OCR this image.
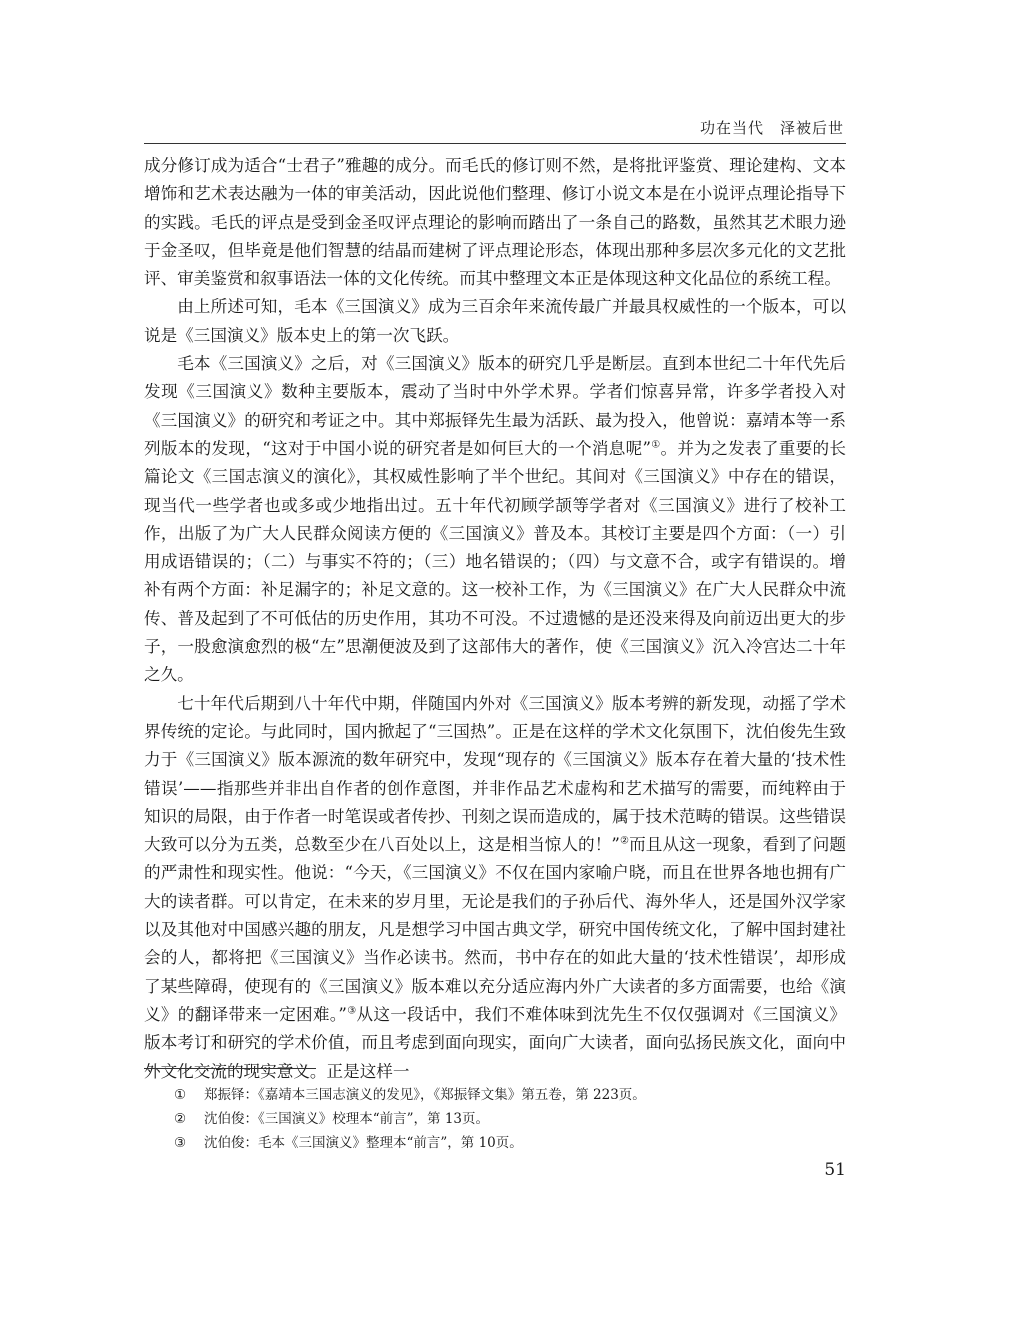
功在当代　泽被后世

成分修订成为适合“士君子”雅趣的成分。而毛氏的修订则不然，是将批评鉴赏、理论建构、文本增饰和艺术表达融为一体的审美活动，因此说他们整理、修订小说文本是在小说评点理论指导下的实践。毛氏的评点是受到金圣叹评点理论的影响而踏出了一条自己的路数，虽然其艺术眼力逊于金圣叹，但毕竟是他们智慧的结晶而建树了评点理论形态，体现出那种多层次多元化的文艺批评、审美鉴赏和叙事语法一体的文化传统。而其中整理文本正是体现这种文化品位的系统工程。

由上所述可知，毛本《三国演义》成为三百余年来流传最广并最具权威性的一个版本，可以说是《三国演义》版本史上的第一次飞跃。

毛本《三国演义》之后，对《三国演义》版本的研究几乎是断层。直到本世纪二十年代先后发现《三国演义》数种主要版本，震动了当时中外学术界。学者们惊喜异常，许多学者投入对《三国演义》的研究和考证之中。其中郑振铎先生最为活跃、最为投入，他曾说：嘉靖本等一系列版本的发现，“这对于中国小说的研究者是如何巨大的一个消息呢”①。并为之发表了重要的长篇论文《三国志演义的演化》，其权威性影响了半个世纪。其间对《三国演义》中存在的错误，现当代一些学者也或多或少地指出过。五十年代初顾学颉等学者对《三国演义》进行了校补工作，出版了为广大人民群众阅读方便的《三国演义》普及本。其校订主要是四个方面：（一）引用成语错误的；（二）与事实不符的；（三）地名错误的；（四）与文意不合，或字有错误的。增补有两个方面：补足漏字的；补足文意的。这一校补工作，为《三国演义》在广大人民群众中流传、普及起到了不可低估的历史作用，其功不可没。不过遗憾的是还没来得及向前迈出更大的步子，一股愈演愈烈的极“左”思潮便波及到了这部伟大的著作，使《三国演义》沉入冷宫达二十年之久。

七十年代后期到八十年代中期，伴随国内外对《三国演义》版本考辨的新发现，动摇了学术界传统的定论。与此同时，国内掀起了“三国热”。正是在这样的学术文化氛围下，沈伯俊先生致力于《三国演义》版本源流的数年研究中，发现“现存的《三国演义》版本存在着大量的‘技术性错误’——指那些并非出自作者的创作意图，并非作品艺术虚构和艺术描写的需要，而纯粹由于知识的局限，由于作者一时笔误或者传抄、刊刻之误而造成的，属于技术范畴的错误。这些错误大致可以分为五类，总数至少在八百处以上，这是相当惊人的！”②而且从这一现象，看到了问题的严肃性和现实性。他说：“今天，《三国演义》不仅在国内家喻户晓，而且在世界各地也拥有广大的读者群。可以肯定，在未来的岁月里，无论是我们的子孙后代、海外华人，还是国外汉学家以及其他对中国感兴趣的朋友，凡是想学习中国古典文学，研究中国传统文化，了解中国封建社会的人，都将把《三国演义》当作必读书。然而，书中存在的如此大量的‘技术性错误’，却形成了某些障碍，使现有的《三国演义》版本难以充分适应海内外广大读者的多方面需要，也给《演义》的翻译带来一定困难。”③从这一段话中，我们不难体味到沈先生不仅仅强调对《三国演义》版本考订和研究的学术价值，而且考虑到面向现实，面向广大读者，面向弘扬民族文化，面向中外文化交流的现实意义。正是这样一

①	郑振铎：《嘉靖本三国志演义的发见》，《郑振铎文集》第五卷，第 223页。
②	沈伯俊：《三国演义》校理本“前言”，第 13页。
③	沈伯俊：毛本《三国演义》整理本“前言”，第 10页。
51
